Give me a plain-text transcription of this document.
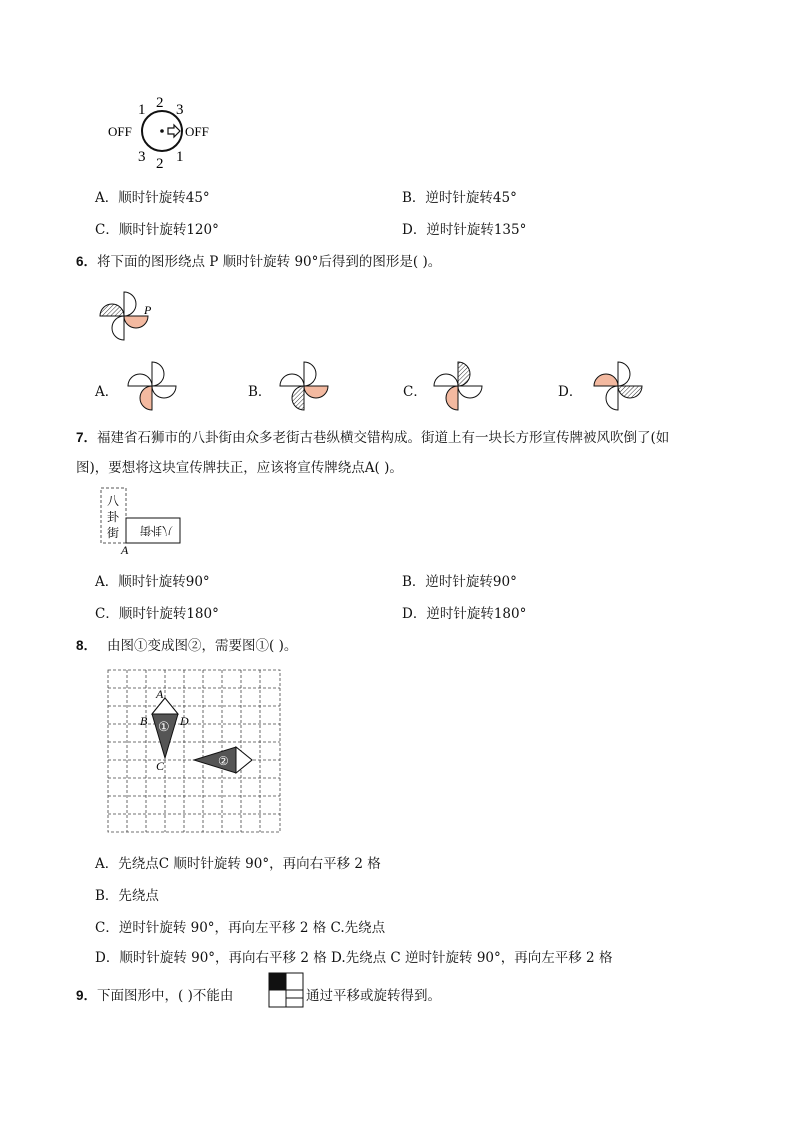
OFF	OFF
1 2 3
3 2 1
A．顺时针旋转45°	B．逆时针旋转45°
C．顺时针旋转120°	D．逆时针旋转135°
6．将下面的图形绕点 P 顺时针旋转 90°后得到的图形是( )。
P
A．	B．	C．	D．
7．福建省石狮市的八卦街由众多老街古巷纵横交错构成。街道上有一块长方形宣传牌被风吹倒了(如
图)，要想将这块宣传牌扶正，应该将宣传牌绕点A( )。
八
卦
街 八卦街
A
A．顺时针旋转90°	B．逆时针旋转90°
C．顺时针旋转180°	D．逆时针旋转180°
8． 由图①变成图②，需要图①( )。
①
A
B	D
C	②
A．先绕点C 顺时针旋转 90°，再向右平移 2 格
B．先绕点
C．逆时针旋转 90°，再向左平移 2 格 C.先绕点
D．顺时针旋转 90°，再向右平移 2 格 D.先绕点 C 逆时针旋转 90°，再向左平移 2 格
9．下面图形中，( )不能由	通过平移或旋转得到。
